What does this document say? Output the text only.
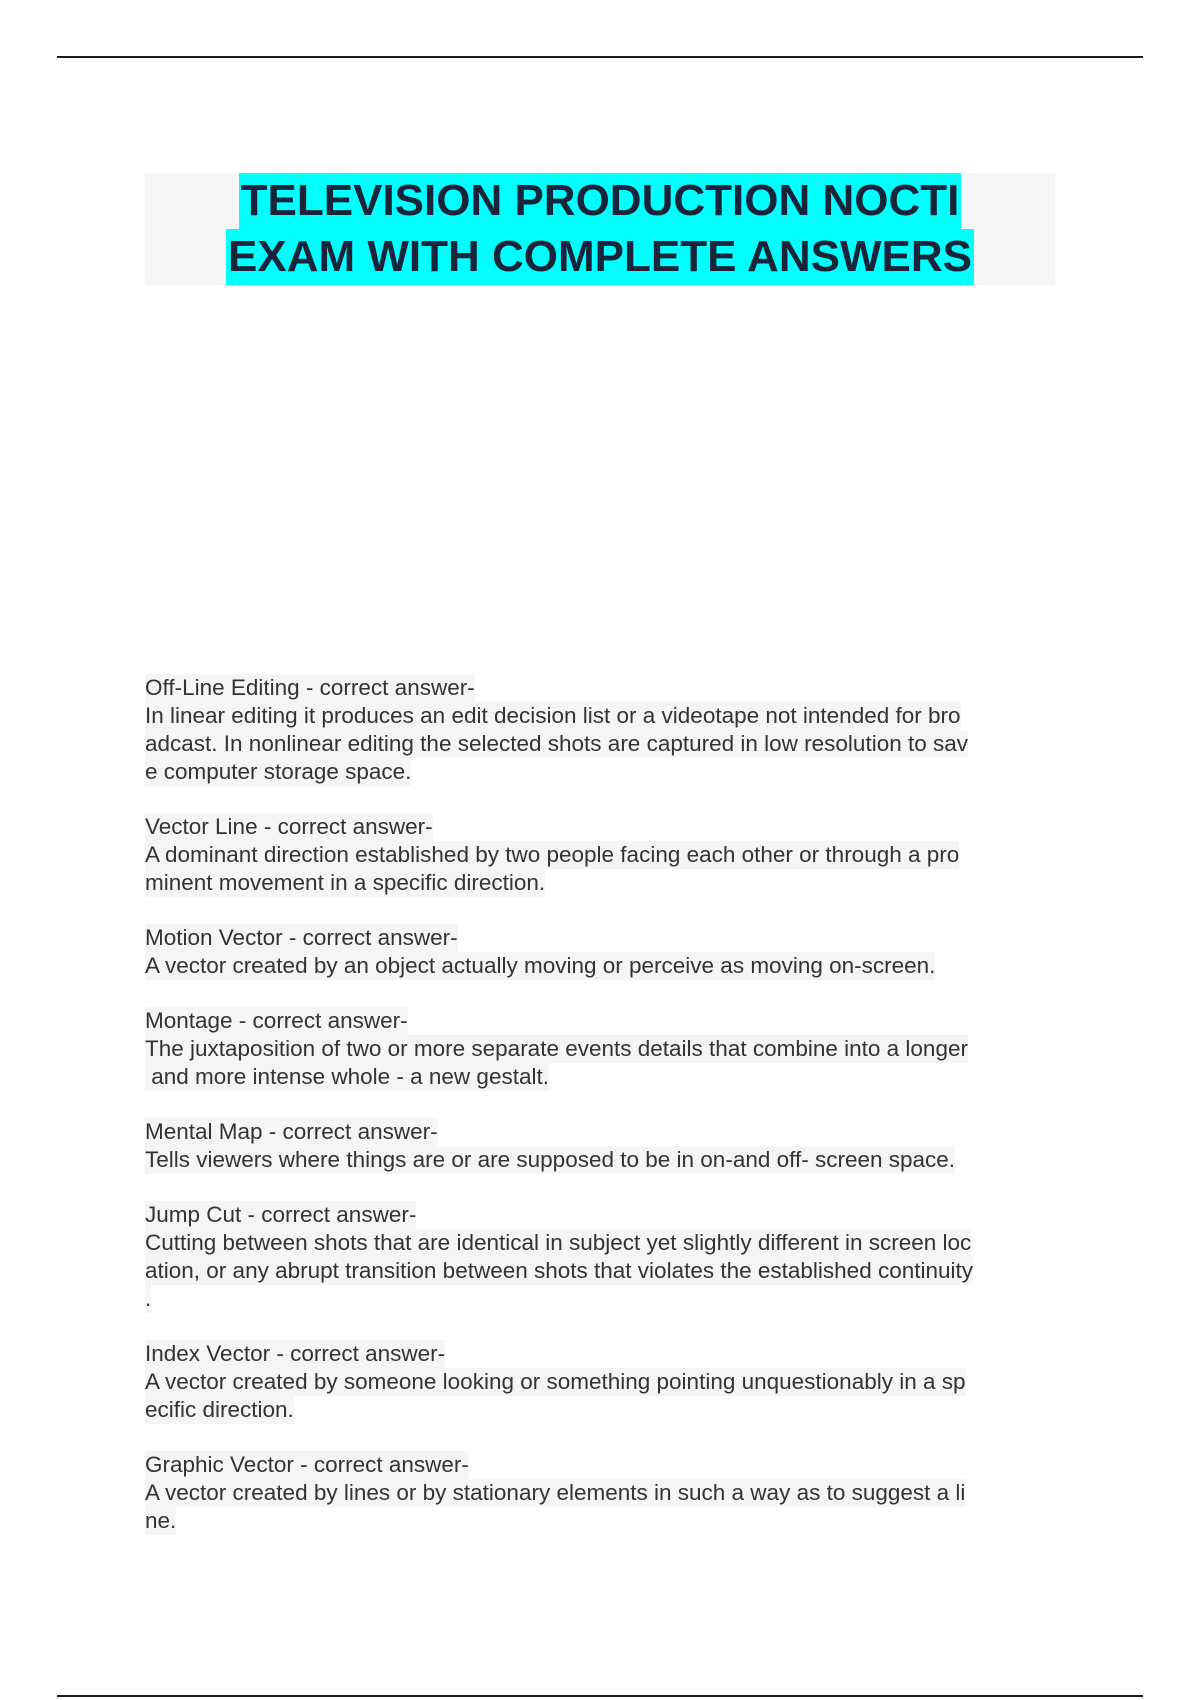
TELEVISION PRODUCTION NOCTI
EXAM WITH COMPLETE ANSWERS
Off-Line Editing - correct answer-
In linear editing it produces an edit decision list or a videotape not intended for bro
adcast. In nonlinear editing the selected shots are captured in low resolution to sav
e computer storage space.
Vector Line - correct answer-
A dominant direction established by two people facing each other or through a pro
minent movement in a specific direction.
Motion Vector - correct answer-
A vector created by an object actually moving or perceive as moving on-screen.
Montage - correct answer-
The juxtaposition of two or more separate events details that combine into a longer
and more intense whole - a new gestalt.
Mental Map - correct answer-
Tells viewers where things are or are supposed to be in on-and off- screen space.
Jump Cut - correct answer-
Cutting between shots that are identical in subject yet slightly different in screen loc
ation, or any abrupt transition between shots that violates the established continuity
.
Index Vector - correct answer-
A vector created by someone looking or something pointing unquestionably in a sp
ecific direction.
Graphic Vector - correct answer-
A vector created by lines or by stationary elements in such a way as to suggest a li
ne.
